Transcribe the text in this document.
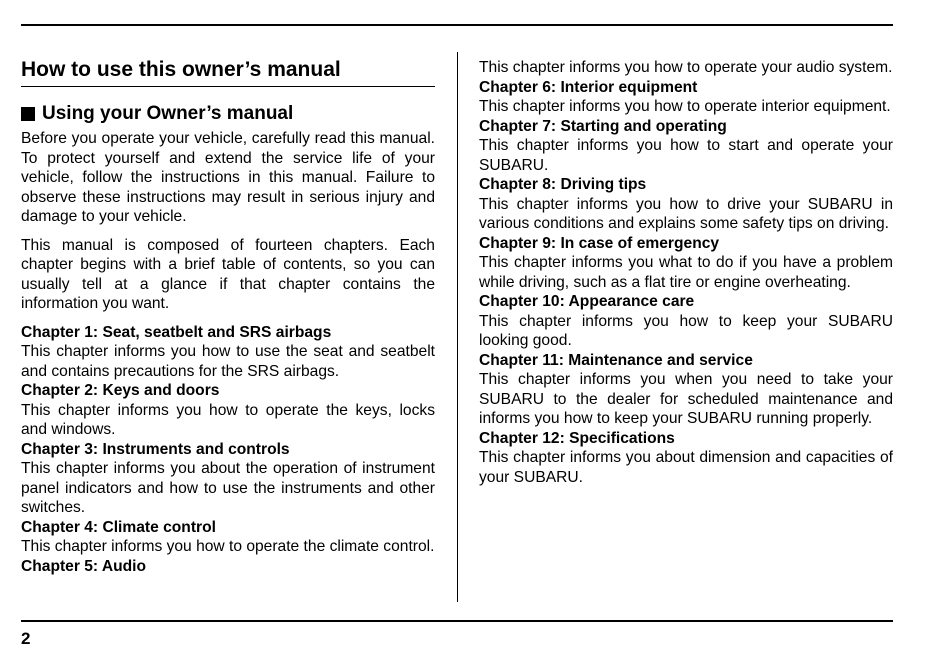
How to use this owner’s manual
Using your Owner’s manual

Before you operate your vehicle, carefully read this manual. To protect yourself and extend the service life of your vehicle, follow the instructions in this manual. Failure to observe these instructions may result in serious injury and damage to your vehicle.

This manual is composed of fourteen chapters. Each chapter begins with a brief table of contents, so you can usually tell at a glance if that chapter contains the information you want.

Chapter 1: Seat, seatbelt and SRS airbags

This chapter informs you how to use the seat and seatbelt and contains precautions for the SRS airbags.

Chapter 2: Keys and doors

This chapter informs you how to operate the keys, locks and windows.

Chapter 3: Instruments and controls

This chapter informs you about the operation of instrument panel indicators and how to use the instruments and other switches.

Chapter 4: Climate control

This chapter informs you how to operate the climate control.

Chapter 5: Audio

This chapter informs you how to operate your audio system.

Chapter 6: Interior equipment

This chapter informs you how to operate interior equipment.

Chapter 7: Starting and operating

This chapter informs you how to start and operate your SUBARU.

Chapter 8: Driving tips

This chapter informs you how to drive your SUBARU in various conditions and explains some safety tips on driving.

Chapter 9: In case of emergency

This chapter informs you what to do if you have a problem while driving, such as a flat tire or engine overheating.

Chapter 10: Appearance care

This chapter informs you how to keep your SUBARU looking good.

Chapter 11: Maintenance and service

This chapter informs you when you need to take your SUBARU to the dealer for scheduled maintenance and informs you how to keep your SUBARU running properly.

Chapter 12: Specifications

This chapter informs you about dimension and capacities of your SUBARU.

2
